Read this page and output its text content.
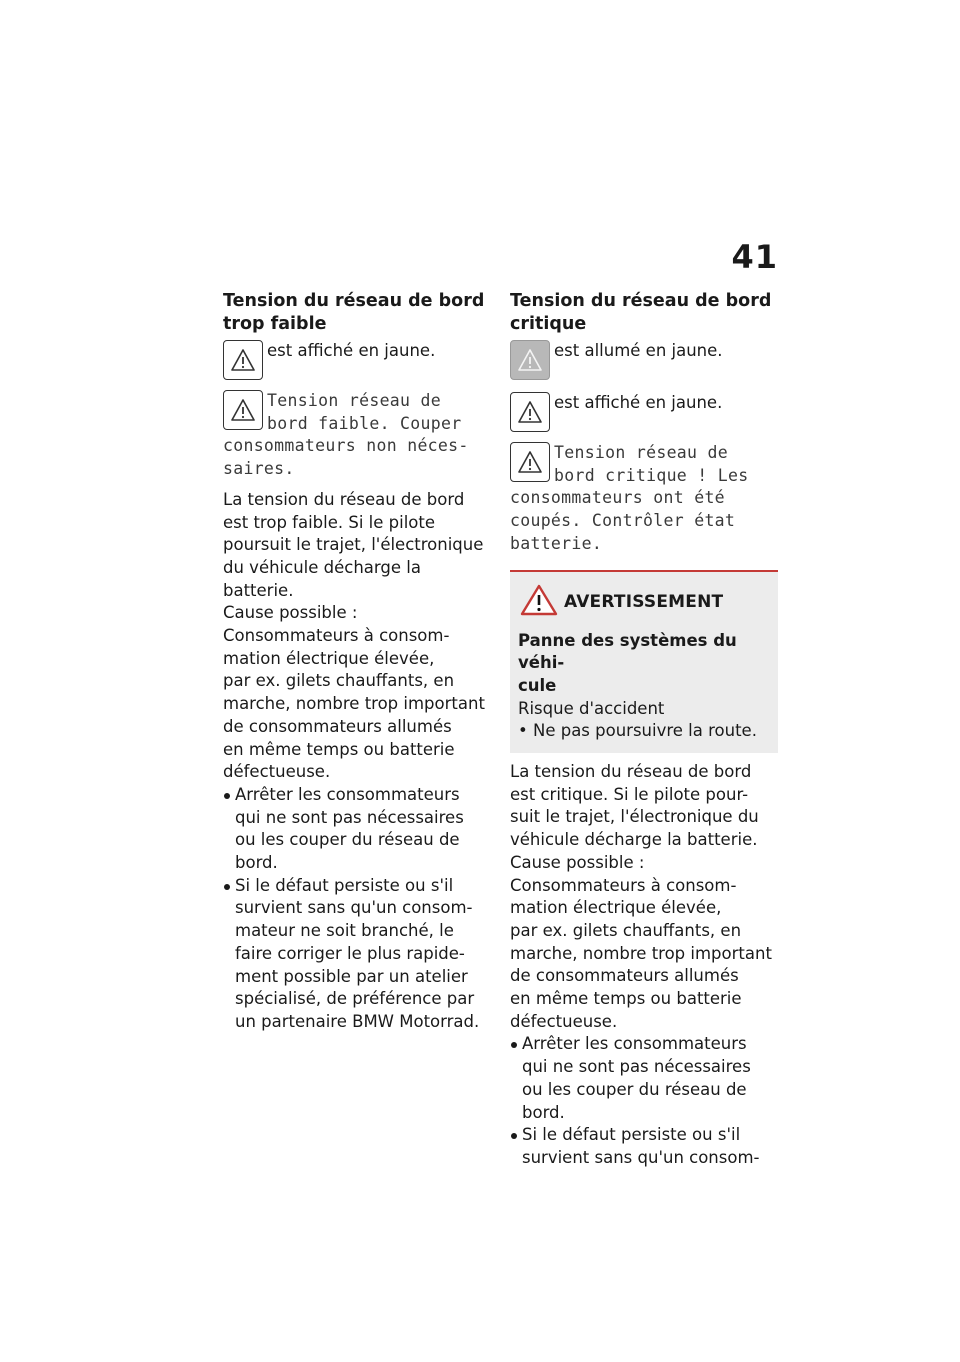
41
Tension du réseau de bord
trop faible
est affiché en jaune.
Tension réseau de
bord faible. Couper
consommateurs non néces-
saires.
La tension du réseau de bord
est trop faible. Si le pilote
poursuit le trajet, l'électronique
du véhicule décharge la
batterie.
Cause possible :
Consommateurs à consom-
mation électrique élevée,
par ex. gilets chauffants, en
marche, nombre trop important
de consommateurs allumés
en même temps ou batterie
défectueuse.
Arrêter les consommateurs
qui ne sont pas nécessaires
ou les couper du réseau de
bord.
Si le défaut persiste ou s'il
survient sans qu'un consom-
mateur ne soit branché, le
faire corriger le plus rapide-
ment possible par un atelier
spécialisé, de préférence par
un partenaire BMW Motorrad.
Tension du réseau de bord
critique
est allumé en jaune.
est affiché en jaune.
Tension réseau de
bord critique ! Les
consommateurs ont été
coupés. Contrôler état
batterie.
AVERTISSEMENT
Panne des systèmes du véhi-
cule
Risque d'accident
• Ne pas poursuivre la route.
La tension du réseau de bord
est critique. Si le pilote pour-
suit le trajet, l'électronique du
véhicule décharge la batterie.
Cause possible :
Consommateurs à consom-
mation électrique élevée,
par ex. gilets chauffants, en
marche, nombre trop important
de consommateurs allumés
en même temps ou batterie
défectueuse.
Arrêter les consommateurs
qui ne sont pas nécessaires
ou les couper du réseau de
bord.
Si le défaut persiste ou s'il
survient sans qu'un consom-
